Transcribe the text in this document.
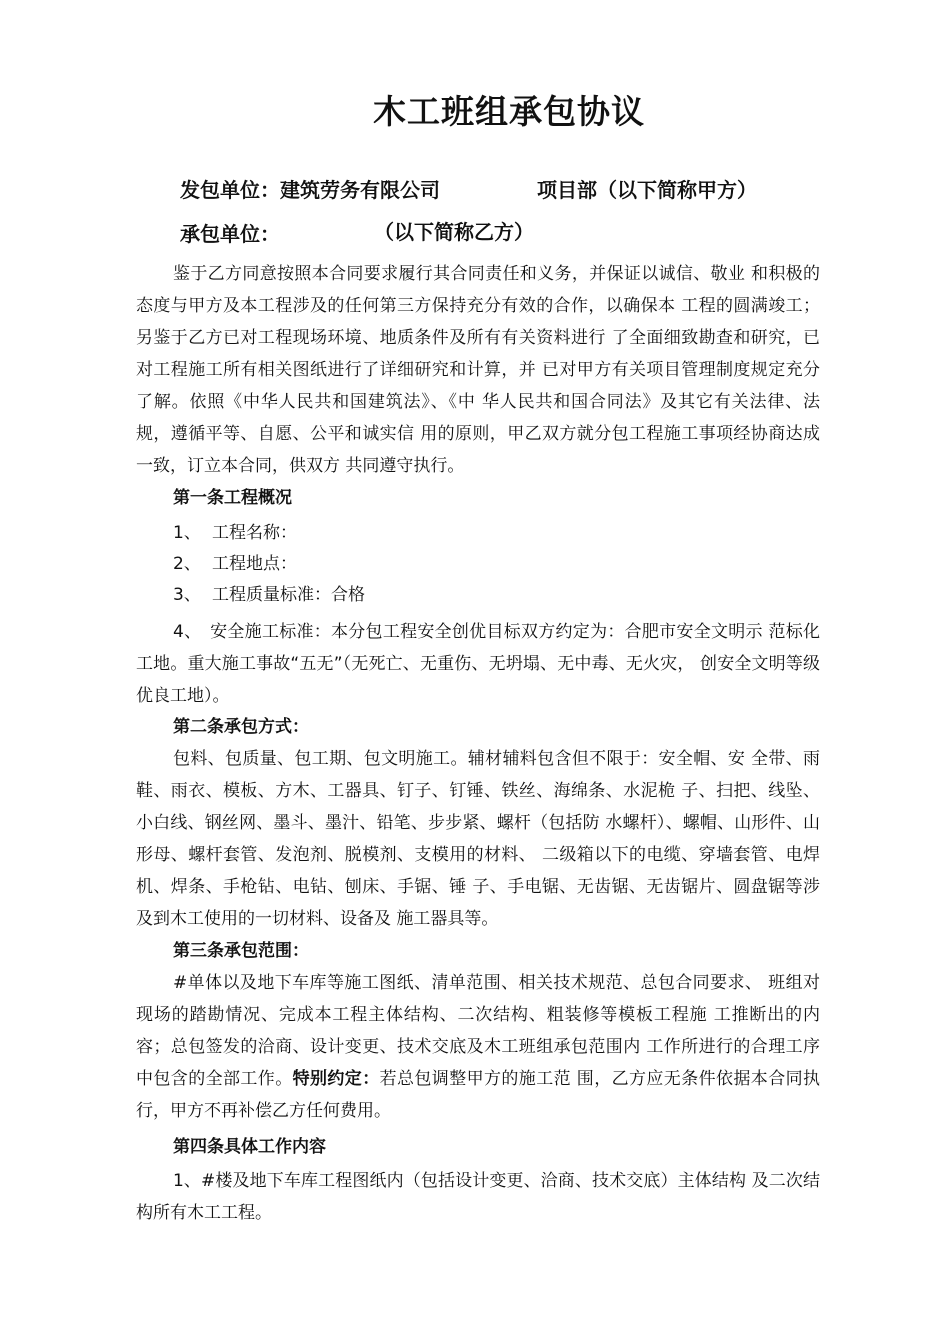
木工班组承包协议
发包单位：建筑劳务有限公司	项目部（以下简称甲方）
承包单位：	（以下简称乙方）

鉴于乙方同意按照本合同要求履行其合同责任和义务，并保证以诚信、敬业 和积极的态度与甲方及本工程涉及的任何第三方保持充分有效的合作，以确保本 工程的圆满竣工；另鉴于乙方已对工程现场环境、地质条件及所有有关资料进行 了全面细致勘查和研究，已对工程施工所有相关图纸进行了详细研究和计算，并 已对甲方有关项目管理制度规定充分了解。依照《中华人民共和国建筑法》、《中 华人民共和国合同法》及其它有关法律、法规，遵循平等、自愿、公平和诚实信 用的原则，甲乙双方就分包工程施工事项经协商达成一致，订立本合同，供双方 共同遵守执行。

第一条工程概况
1、 工程名称：
2、 工程地点：
3、 工程质量标准：合格

4、　安全施工标准：本分包工程安全创优目标双方约定为：合肥市安全文明示 范标化工地。重大施工事故“五无”（无死亡、无重伤、无坍塌、无中毒、无火灾， 创安全文明等级优良工地）。

第二条承包方式：

包料、包质量、包工期、包文明施工。辅材辅料包含但不限于：安全帽、安 全带、雨鞋、雨衣、模板、方木、工器具、钉子、钉锤、铁丝、海绵条、水泥桅 子、扫把、线坠、小白线、钢丝网、墨斗、墨汁、铅笔、步步紧、螺杆（包括防 水螺杆）、螺帽、山形件、山形母、螺杆套管、发泡剂、脱模剂、支模用的材料、 二级箱以下的电缆、穿墙套管、电焊机、焊条、手枪钻、电钻、刨床、手锯、锤 子、手电锯、无齿锯、无齿锯片、圆盘锯等涉及到木工使用的一切材料、设备及 施工器具等。

第三条承包范围：

#单体以及地下车库等施工图纸、清单范围、相关技术规范、总包合同要求、 班组对现场的踏勘情况、完成本工程主体结构、二次结构、粗装修等模板工程施 工推断出的内容；总包签发的洽商、设计变更、技术交底及木工班组承包范围内 工作所进行的合理工序中包含的全部工作。特别约定：若总包调整甲方的施工范 围，乙方应无条件依据本合同执行，甲方不再补偿乙方任何费用。

第四条具体工作内容

1、#楼及地下车库工程图纸内（包括设计变更、洽商、技术交底）主体结构 及二次结构所有木工工程。
